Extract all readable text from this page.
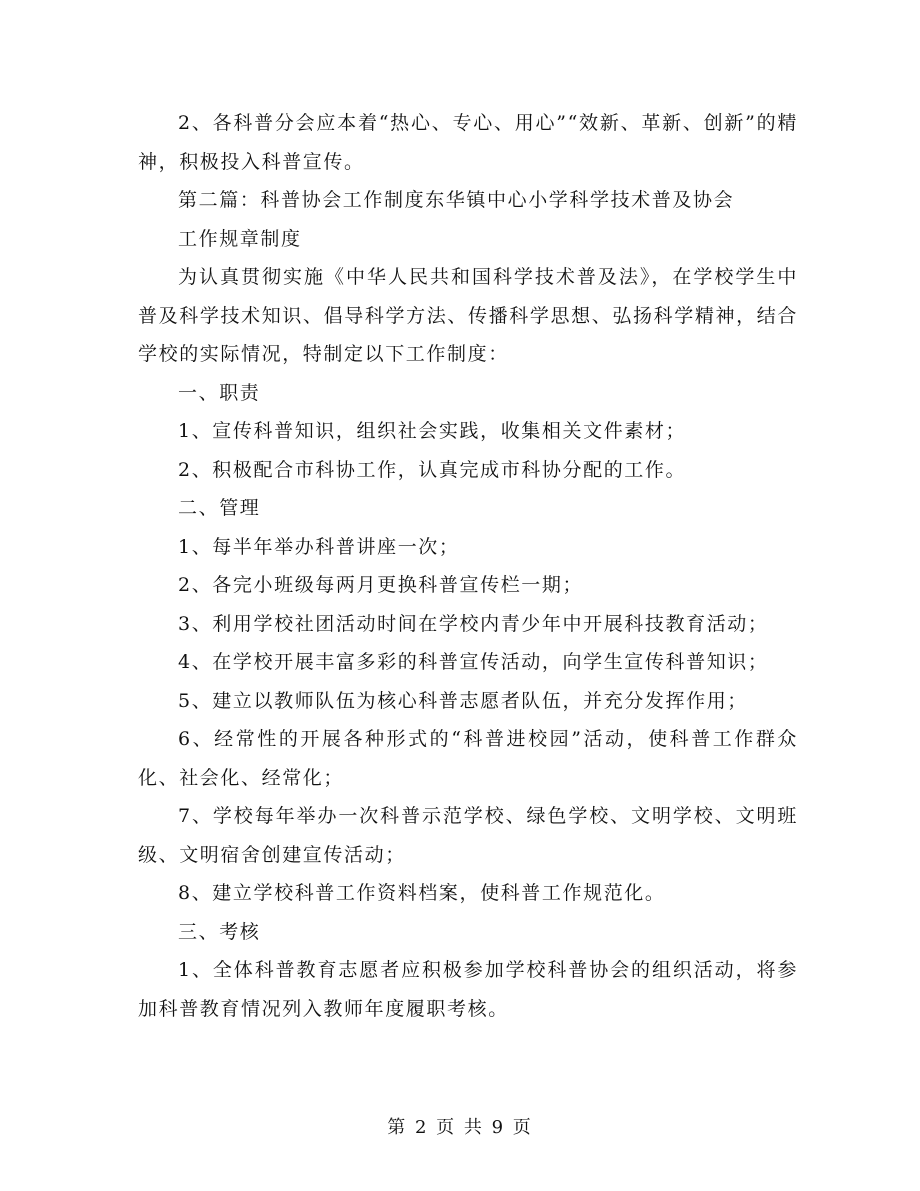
2、各科普分会应本着“热心、专心、用心”“效新、革新、创新”的精神，积极投入科普宣传。

第二篇：科普协会工作制度东华镇中心小学科学技术普及协会

工作规章制度

为认真贯彻实施《中华人民共和国科学技术普及法》，在学校学生中普及科学技术知识、倡导科学方法、传播科学思想、弘扬科学精神，结合学校的实际情况，特制定以下工作制度：

一、职责

1、宣传科普知识，组织社会实践，收集相关文件素材；

2、积极配合市科协工作，认真完成市科协分配的工作。

二、管理

1、每半年举办科普讲座一次；

2、各完小班级每两月更换科普宣传栏一期；

3、利用学校社团活动时间在学校内青少年中开展科技教育活动；

4、在学校开展丰富多彩的科普宣传活动，向学生宣传科普知识；

5、建立以教师队伍为核心科普志愿者队伍，并充分发挥作用；

6、经常性的开展各种形式的“科普进校园”活动，使科普工作群众化、社会化、经常化；

7、学校每年举办一次科普示范学校、绿色学校、文明学校、文明班级、文明宿舍创建宣传活动；

8、建立学校科普工作资料档案，使科普工作规范化。

三、考核

1、全体科普教育志愿者应积极参加学校科普协会的组织活动，将参加科普教育情况列入教师年度履职考核。

第 2 页 共 9 页
